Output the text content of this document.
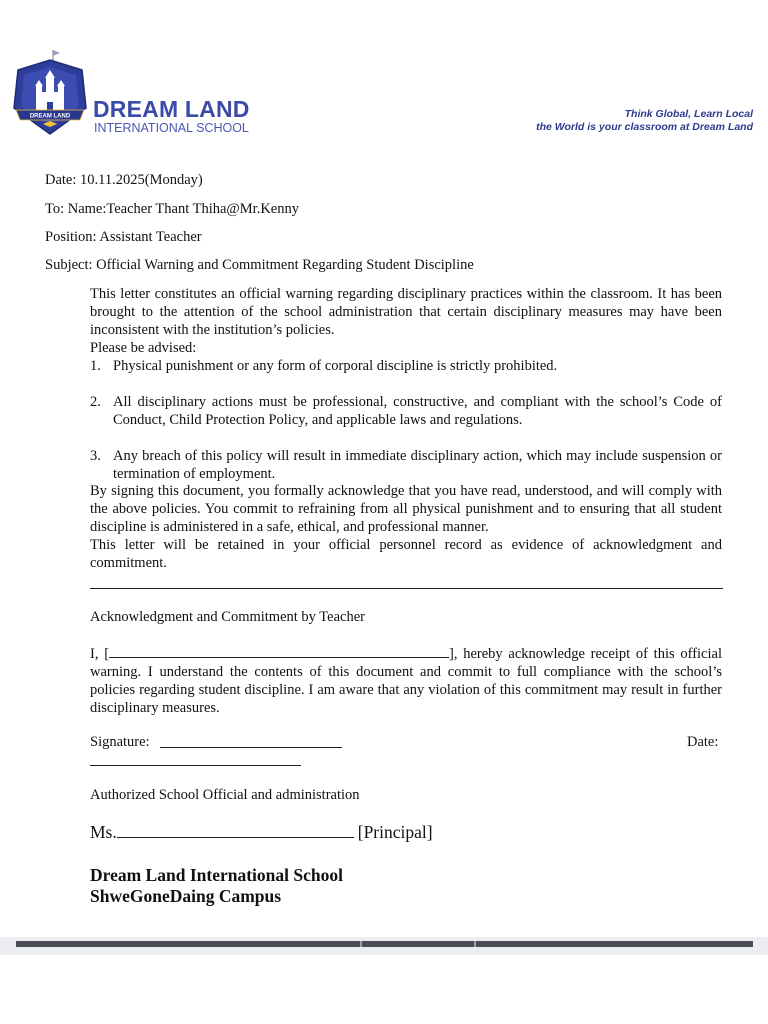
DREAM LAND DREAM LAND
INTERNATIONAL SCHOOL
Think Global, Learn Local
the World is your classroom at Dream Land
Date: 10.11.2025(Monday)
To: Name:Teacher Thant Thiha@Mr.Kenny
Position: Assistant Teacher
Subject: Official Warning and Commitment Regarding Student Discipline
This letter constitutes an official warning regarding disciplinary practices within the classroom. It has been brought to the attention of the school administration that certain disciplinary measures may have been inconsistent with the institution’s policies.
Please be advised:
1. Physical punishment or any form of corporal discipline is strictly prohibited.
2. All disciplinary actions must be professional, constructive, and compliant with the school’s Code of Conduct, Child Protection Policy, and applicable laws and regulations.
3. Any breach of this policy will result in immediate disciplinary action, which may include suspension or termination of employment.
By signing this document, you formally acknowledge that you have read, understood, and will comply with the above policies. You commit to refraining from all physical punishment and to ensuring that all student discipline is administered in a safe, ethical, and professional manner.
This letter will be retained in your official personnel record as evidence of acknowledgment and commitment.
Acknowledgment and Commitment by Teacher
I, [	], hereby acknowledge receipt of this official warning. I understand the contents of this document and commit to full compliance with the school’s policies regarding student discipline. I am aware that any violation of this commitment may result in further disciplinary measures.
Signature:	Date:
Authorized School Official and administration
Ms.	[Principal]
Dream Land International School
ShweGoneDaing Campus
